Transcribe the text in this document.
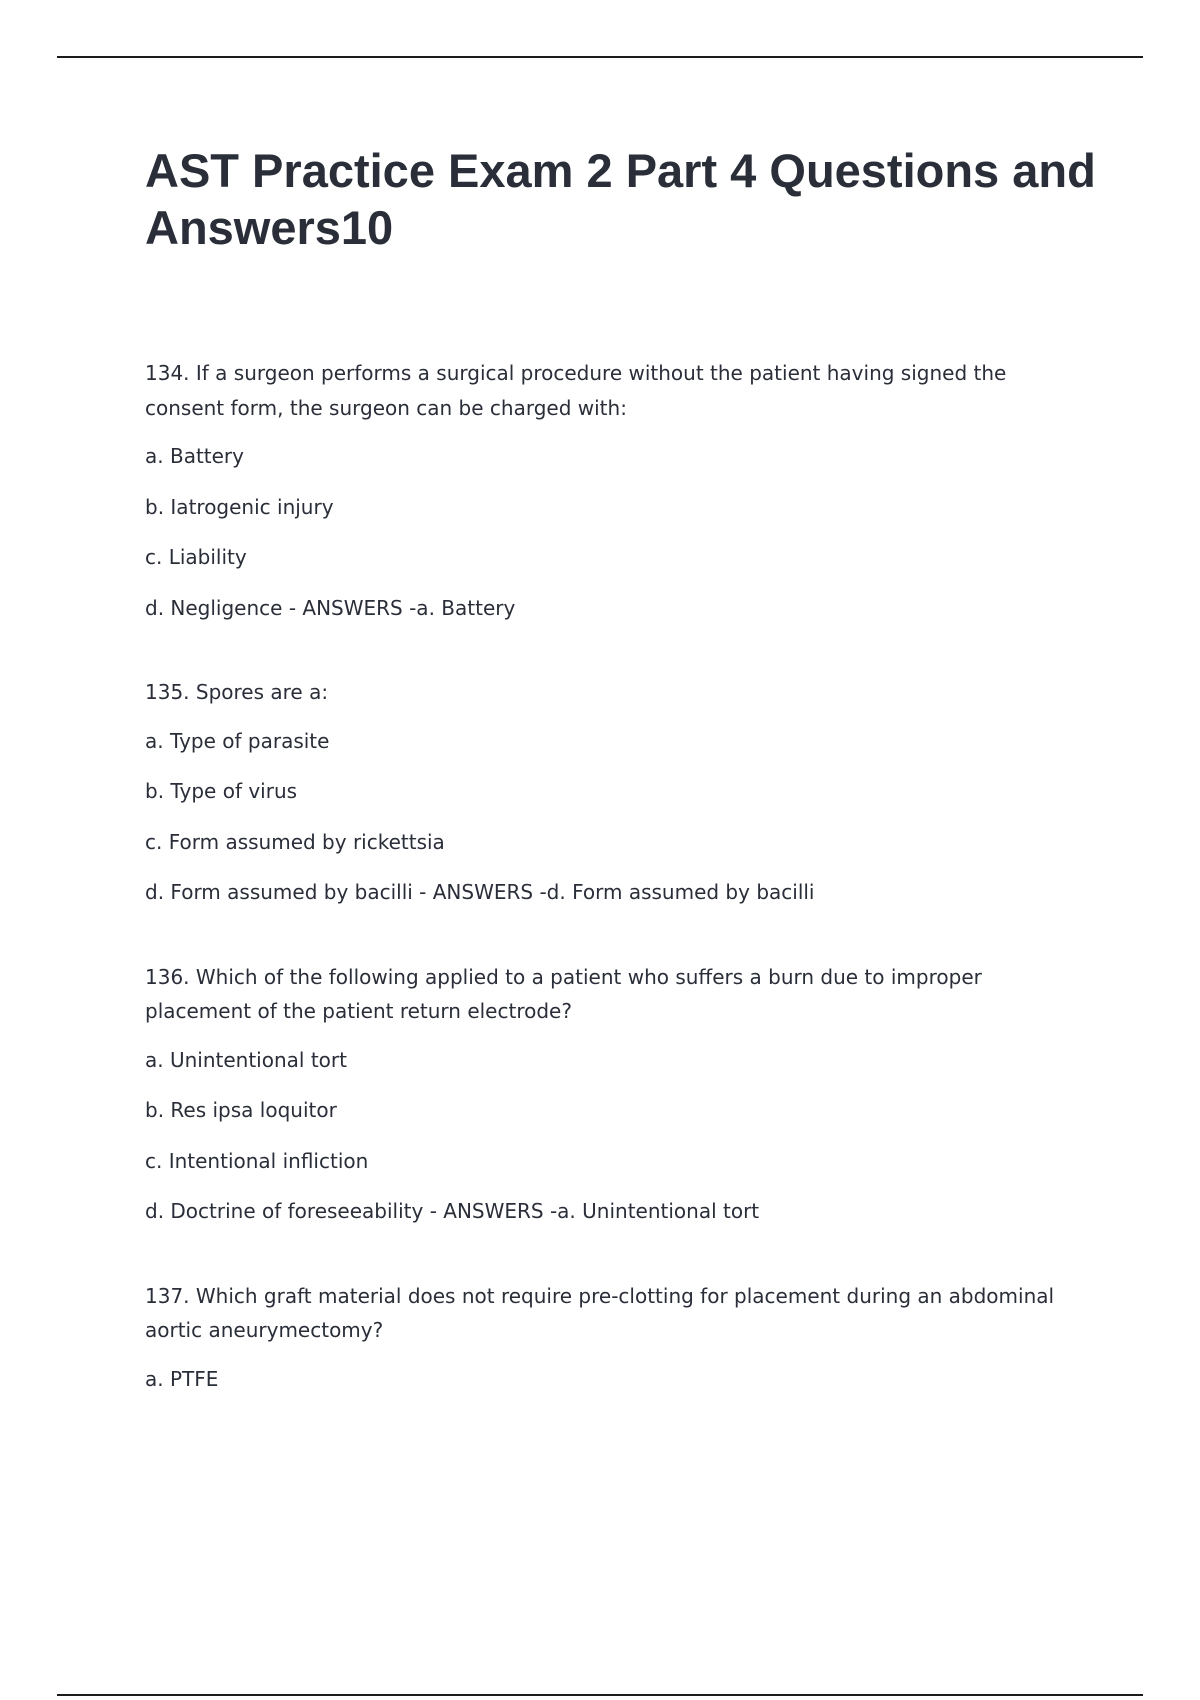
AST Practice Exam 2 Part 4 Questions and Answers10

134. If a surgeon performs a surgical procedure without the patient having signed the consent form, the surgeon can be charged with:

a. Battery

b. Iatrogenic injury

c. Liability

d. Negligence - ANSWERS -a. Battery

135. Spores are a:

a. Type of parasite

b. Type of virus

c. Form assumed by rickettsia

d. Form assumed by bacilli - ANSWERS -d. Form assumed by bacilli

136. Which of the following applied to a patient who suffers a burn due to improper placement of the patient return electrode?

a. Unintentional tort

b. Res ipsa loquitor

c. Intentional infliction

d. Doctrine of foreseeability - ANSWERS -a. Unintentional tort

137. Which graft material does not require pre-clotting for placement during an abdominal aortic aneurymectomy?

a. PTFE
